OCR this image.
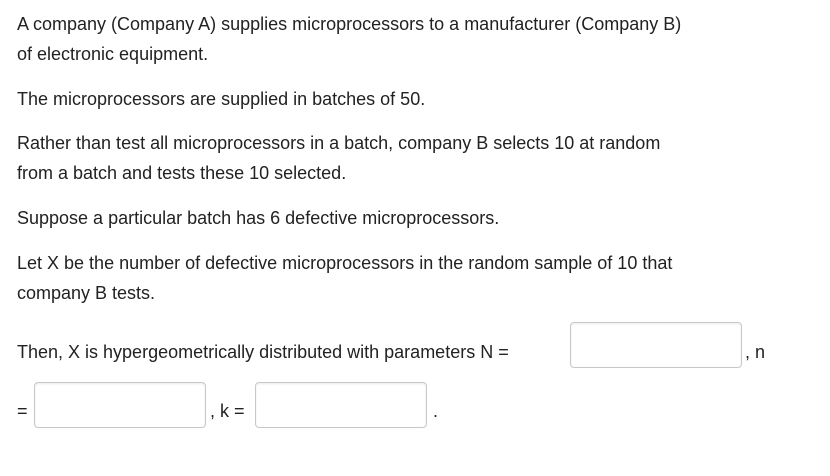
A company (Company A) supplies microprocessors to a manufacturer (Company B)

of electronic equipment.

The microprocessors are supplied in batches of 50.

Rather than test all microprocessors in a batch, company B selects 10 at random

from a batch and tests these 10 selected.

Suppose a particular batch has 6 defective microprocessors.

Let X be the number of defective microprocessors in the random sample of 10 that

company B tests.

Then, X is hypergeometrically distributed with parameters N =	, n
=	, k =	.
